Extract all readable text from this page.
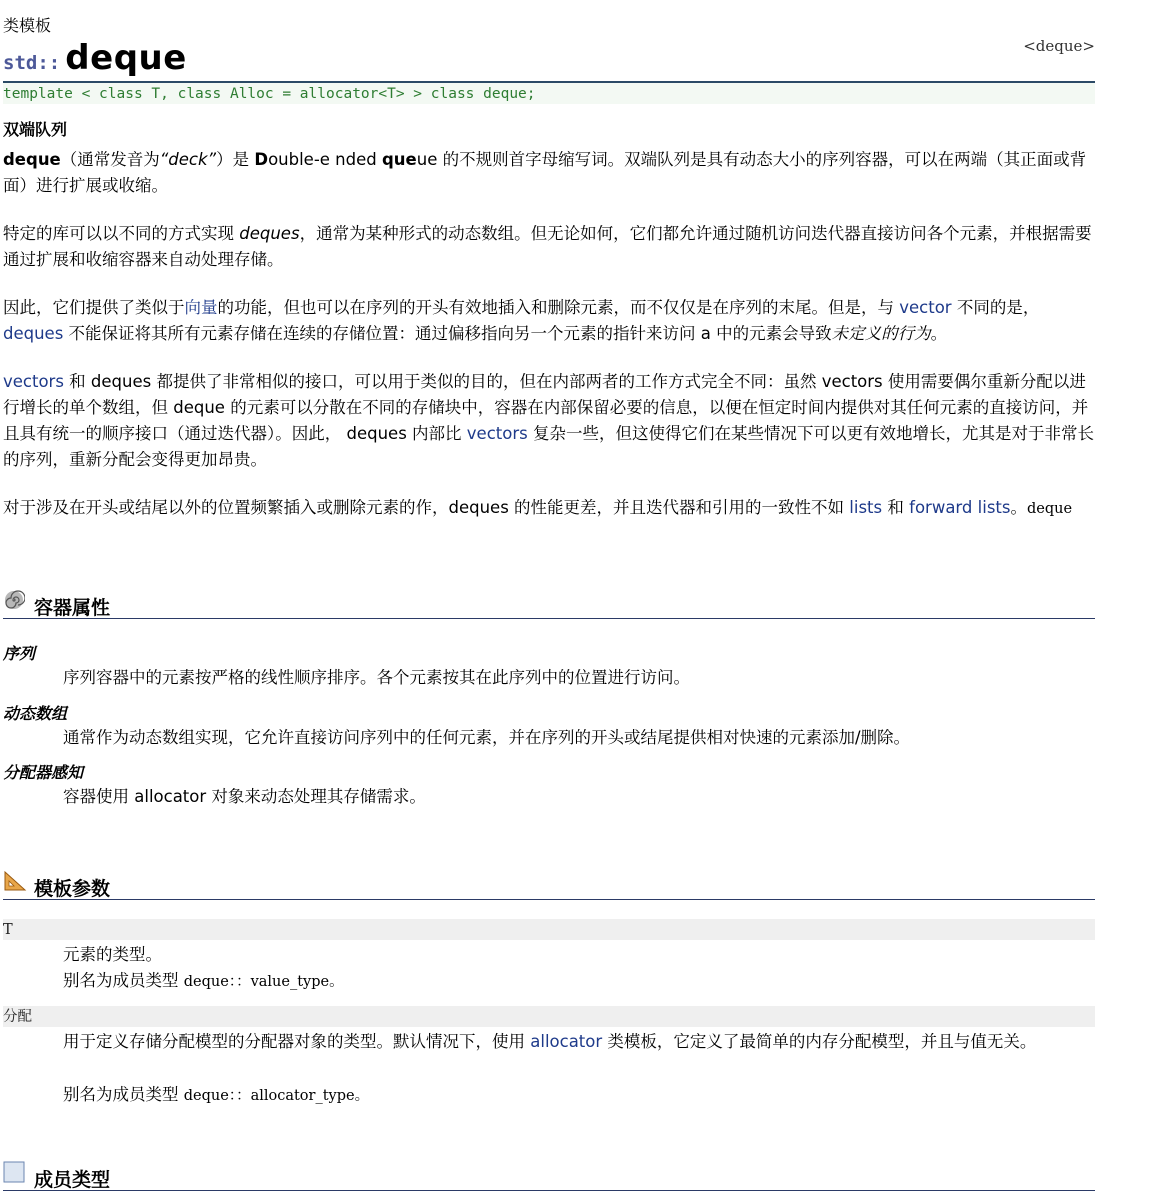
类模板
std:: deque	<deque>
template < class T, class Alloc = allocator<T> > class deque;
双端队列
deque（通常发音为“deck”）是 Double-e nded queue 的不规则首字母缩写词。双端队列是具有动态大小的序列容器，可以在两端（其正面或背面）进行扩展或收缩。
特定的库可以以不同的方式实现 deques，通常为某种形式的动态数组。但无论如何，它们都允许通过随机访问迭代器直接访问各个元素，并根据需要通过扩展和收缩容器来自动处理存储。
因此，它们提供了类似于向量的功能，但也可以在序列的开头有效地插入和删除元素，而不仅仅是在序列的末尾。但是，与 vector 不同的是，deques 不能保证将其所有元素存储在连续的存储位置：通过偏移指向另一个元素的指针来访问 a 中的元素会导致未定义的行为。
vectors 和 deques 都提供了非常相似的接口，可以用于类似的目的，但在内部两者的工作方式完全不同：虽然 vectors 使用需要偶尔重新分配以进行增长的单个数组，但 deque 的元素可以分散在不同的存储块中，容器在内部保留必要的信息，以便在恒定时间内提供对其任何元素的直接访问，并且具有统一的顺序接口（通过迭代器）。因此， deques 内部比 vectors 复杂一些，但这使得它们在某些情况下可以更有效地增长，尤其是对于非常长的序列，重新分配会变得更加昂贵。
对于涉及在开头或结尾以外的位置频繁插入或删除元素的作，deques 的性能更差，并且迭代器和引用的一致性不如 lists 和 forward lists。deque
容器属性
序列
序列容器中的元素按严格的线性顺序排序。各个元素按其在此序列中的位置进行访问。
动态数组
通常作为动态数组实现，它允许直接访问序列中的任何元素，并在序列的开头或结尾提供相对快速的元素添加/删除。
分配器感知
容器使用 allocator 对象来动态处理其存储需求。
模板参数
T
元素的类型。
别名为成员类型 deque：：value_type。
分配
用于定义存储分配模型的分配器对象的类型。默认情况下，使用 allocator 类模板，它定义了最简单的内存分配模型，并且与值无关。
别名为成员类型 deque：：allocator_type。
成员类型
